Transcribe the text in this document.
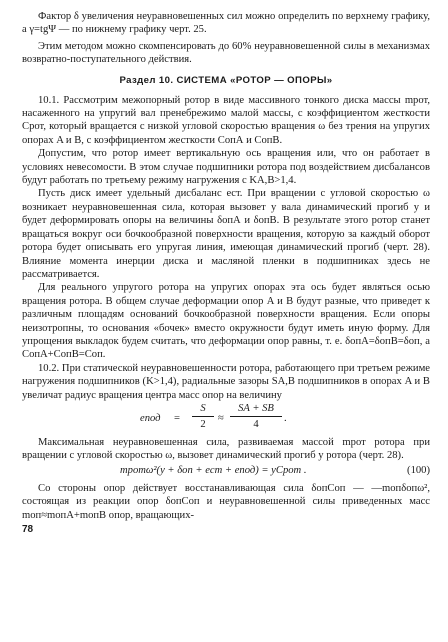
Фактор δ увеличения неуравновешенных сил можно определить по верхнему графику, а γ=tgΨ — по нижнему графику черт. 25.

Этим методом можно скомпенсировать до 60% неуравновешенной силы в механизмах возвратно-поступательного действия.

Раздел 10. СИСТЕМА «РОТОР — ОПОРЫ»

10.1. Рассмотрим межопорный ротор в виде массивного тонкого диска массы mрот, насаженного на упругий вал пренебрежимо малой массы, с коэффициентом жесткости Срот, который вращается с низкой угловой скоростью вращения ω без трения на упругих опорах A и B, с коэффициентом жесткости СопА и СопВ.

Допустим, что ротор имеет вертикальную ось вращения или, что он работает в условиях невесомости. В этом случае подшипники ротора под воздействием дисбалансов будут работать по третьему режиму нагружения с KA,B>1,4.

Пусть диск имеет удельный дисбаланс eст. При вращении с угловой скоростью ω возникает неуравновешенная сила, которая вызовет у вала динамический прогиб y и будет деформировать опоры на величины δопА и δопВ. В результате этого ротор станет вращаться вокруг оси бочкообразной поверхности вращения, которую за каждый оборот ротора будет описывать его упругая линия, имеющая динамический прогиб (черт. 28). Влияние момента инерции диска и масляной пленки в подшипниках здесь не рассматривается.

Для реального упругого ротора на упругих опорах эта ось будет являться осью вращения ротора. В общем случае деформации опор A и B будут разные, что приведет к различным площадям оснований бочкообразной поверхности вращения. Если опоры неизотропны, то основания «бочек» вместо окружности будут иметь иную форму. Для упрощения выкладок будем считать, что деформации опор равны, т. е. δопА=δопВ=δоп, а СопА+СопВ=Соп.

10.2. При статической неуравновешенности ротора, работающего при третьем режиме нагружения подшипников (K>1,4), радиальные зазоры SA,B подшипников в опорах A и B увеличат радиус вращения центра масс опор на величину

eпод = $\frac{S}{2} \approx \frac{SA + SB}{4}$ .

Максимальная неуравновешенная сила, развиваемая массой mрот ротора при вращении с угловой скоростью ω, вызовет динамический прогиб y ротора (черт. 28).

mротω²(y + δоп + eст + eпод) = yCрот .	(100)

Со стороны опор действует восстанавливающая сила δопСоп — —mопδопω², состоящая из реакции опор δопСоп и неуравновешенной силы приведенных масс mоп≈mопА+mопВ опор, вращающих-

78
